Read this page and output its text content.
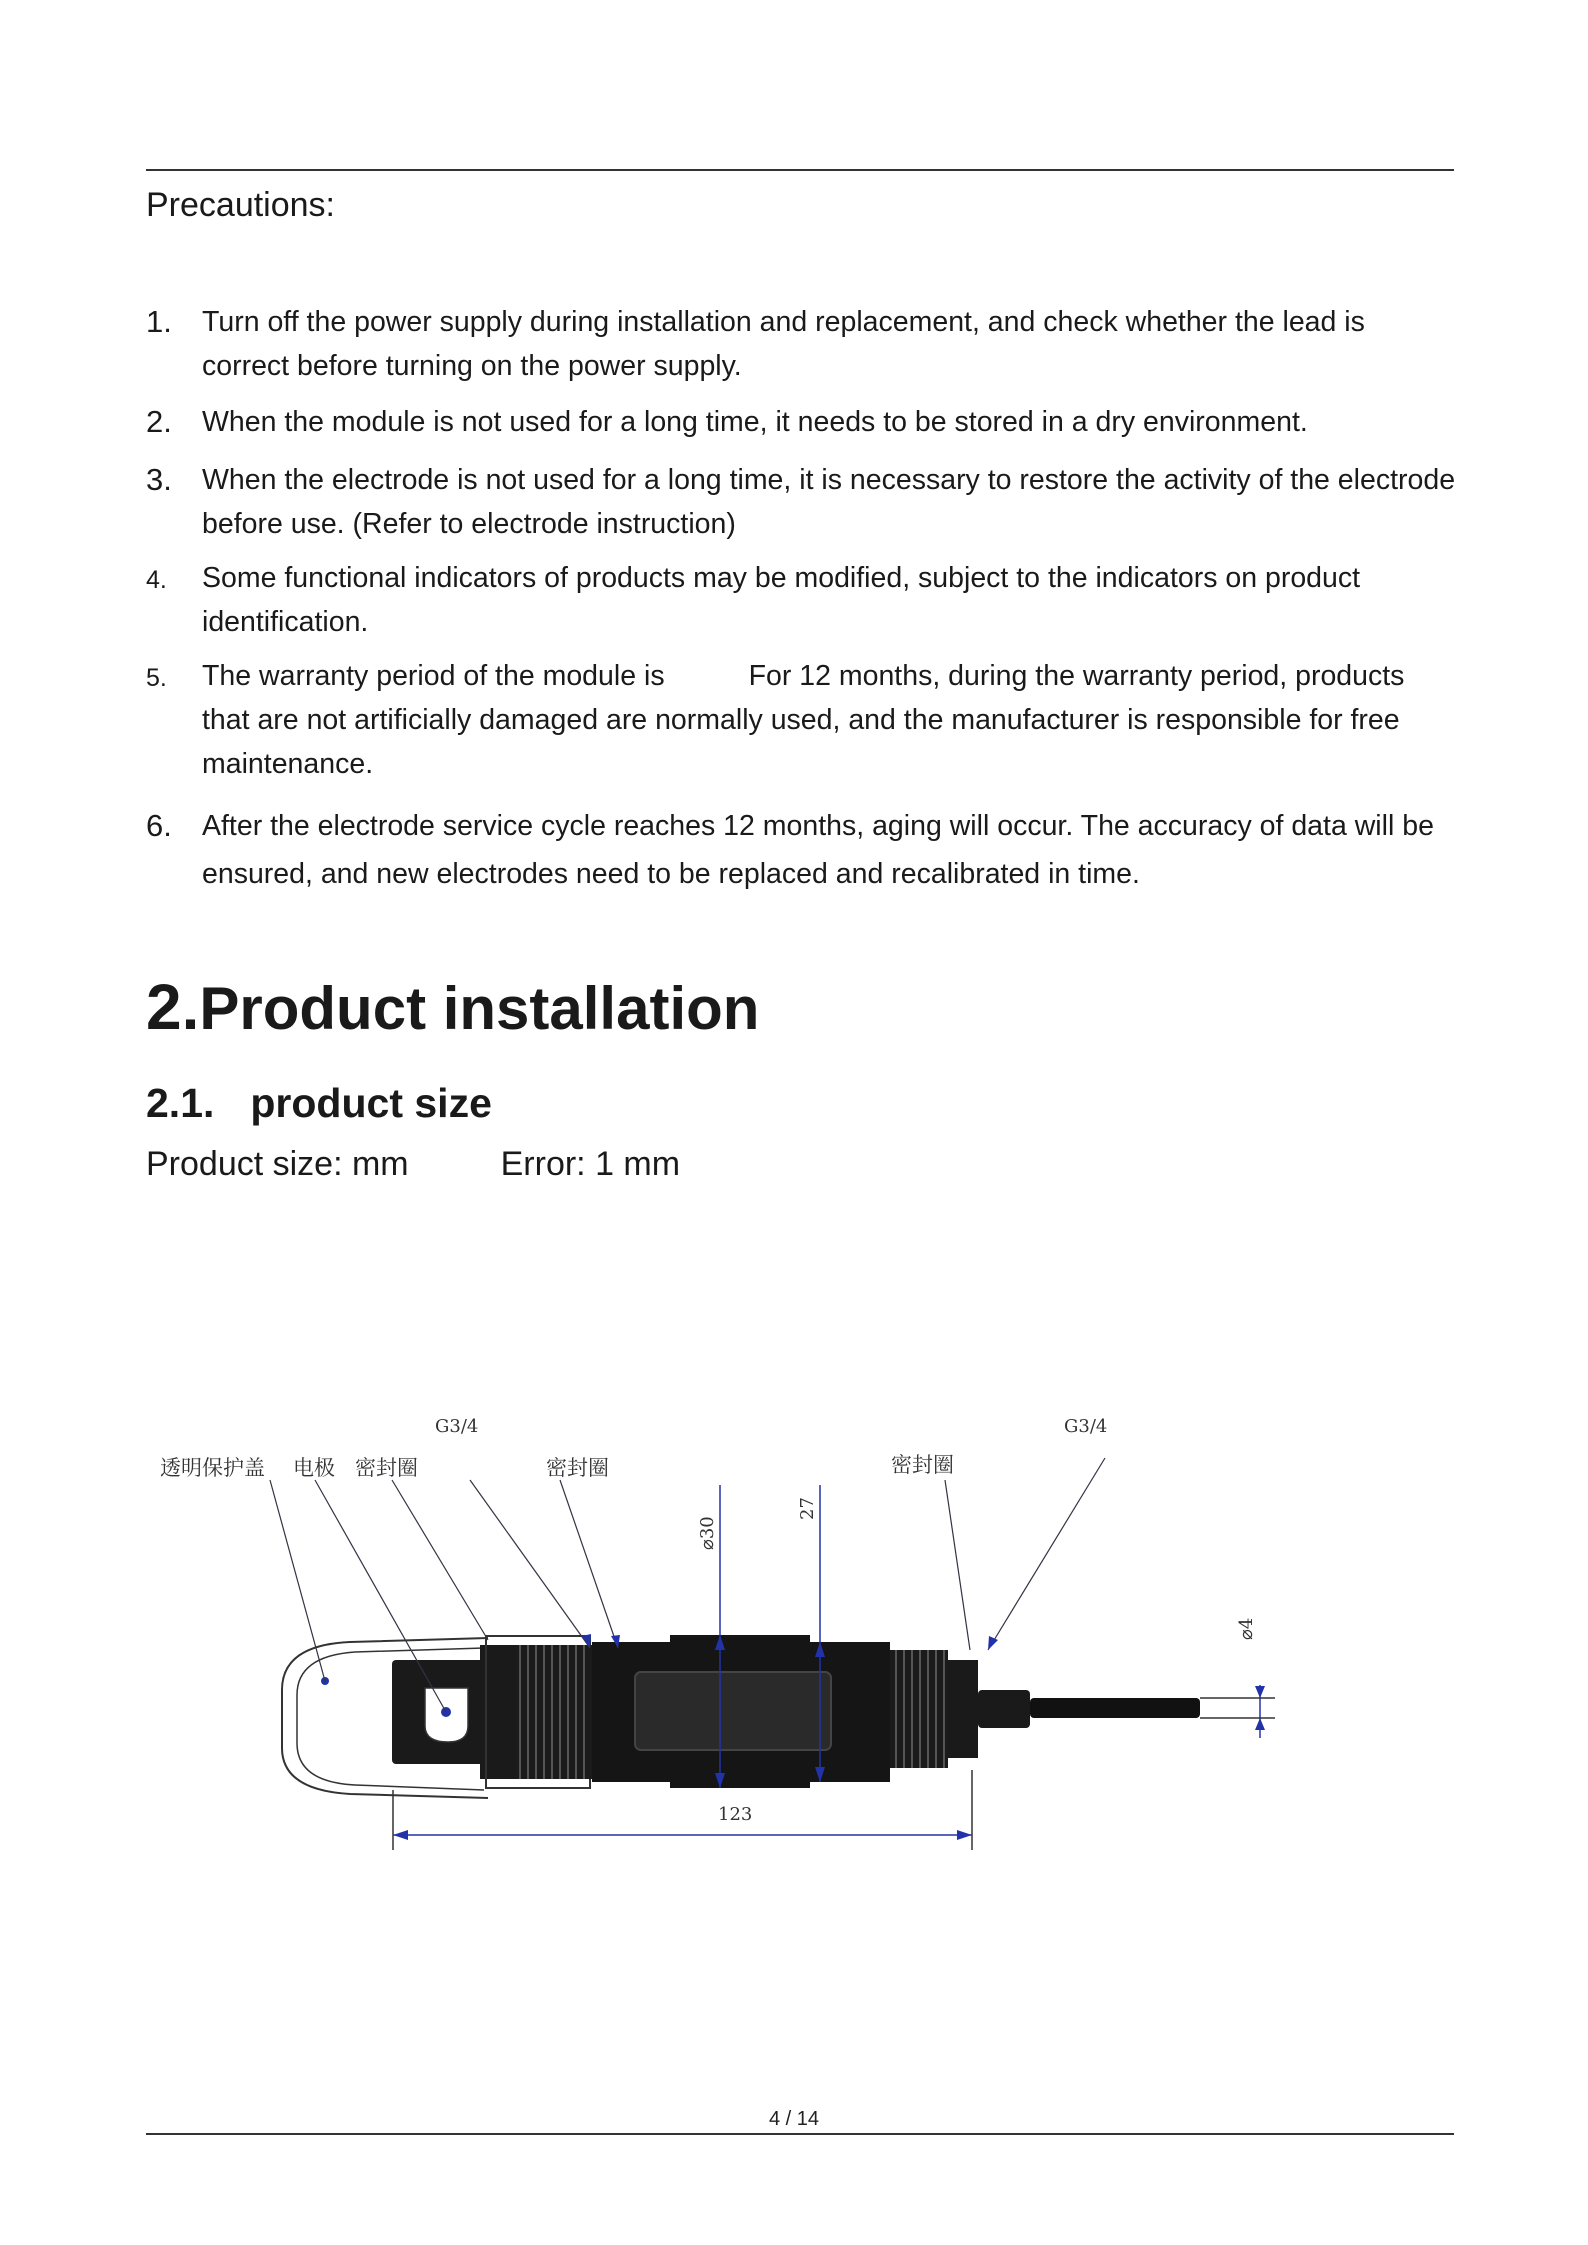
Precautions:
1. Turn off the power supply during installation and replacement, and check whether the lead is correct before turning on the power supply.
2. When the module is not used for a long time, it needs to be stored in a dry environment.
3. When the electrode is not used for a long time, it is necessary to restore the activity of the electrode before use. (Refer to electrode instruction)
4. Some functional indicators of products may be modified, subject to the indicators on product identification.
5. The warranty period of the module is	For 12 months, during the warranty period, products that are not artificially damaged are normally used, and the manufacturer is responsible for free maintenance.
6. After the electrode service cycle reaches 12 months, aging will occur. The accuracy of data will be ensured, and new electrodes need to be replaced and recalibrated in time.
2.Product installation
2.1. product size
Product size: mm	Error: 1 mm
123
⌀30
27
⌀4
透明保护盖 电极 密封圈
G3/4
密封圈	密封圈
G3/4
4 / 14
